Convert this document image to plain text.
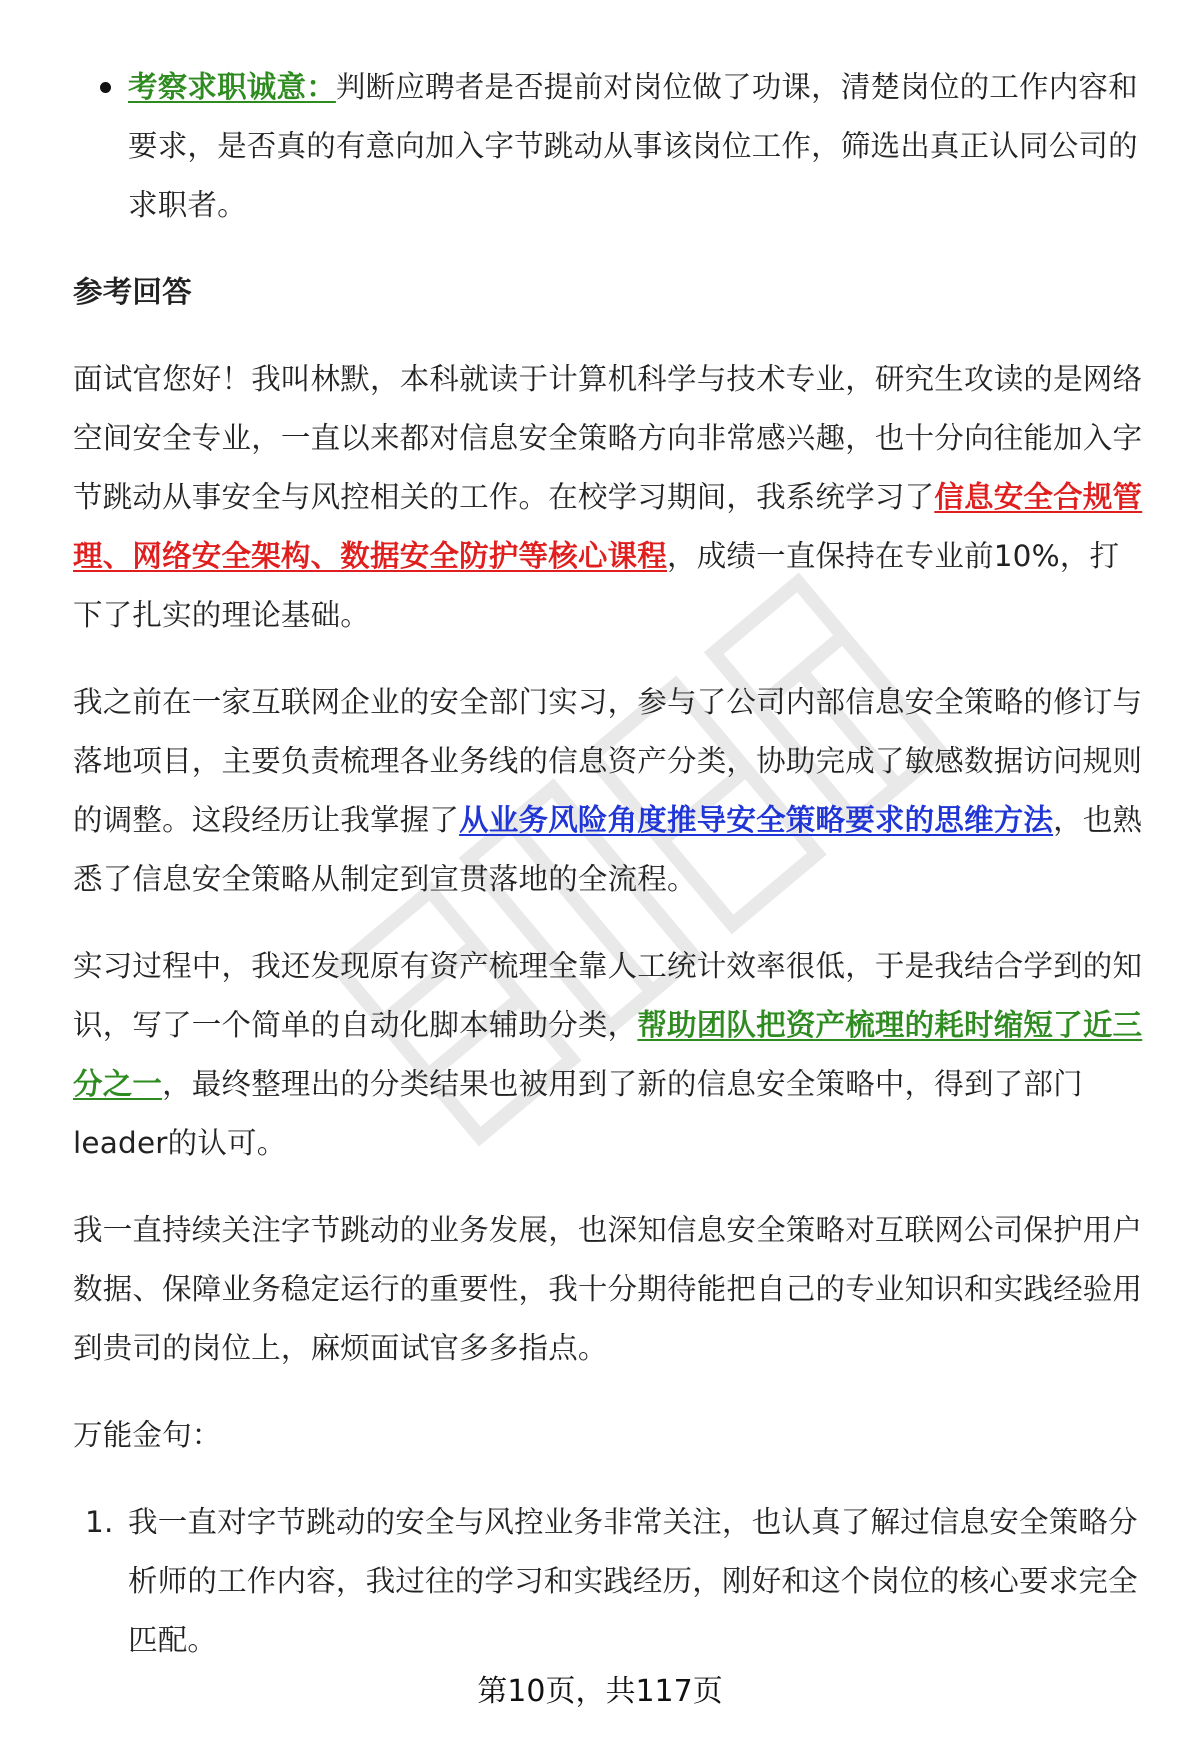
考察求职诚意：判断应聘者是否提前对岗位做了功课，清楚岗位的工作内容和要求，是否真的有意向加入字节跳动从事该岗位工作，筛选出真正认同公司的求职者。
参考回答

面试官您好！我叫林默，本科就读于计算机科学与技术专业，研究生攻读的是网络空间安全专业，一直以来都对信息安全策略方向非常感兴趣，也十分向往能加入字节跳动从事安全与风控相关的工作。在校学习期间，我系统学习了信息安全合规管理、网络安全架构、数据安全防护等核心课程，成绩一直保持在专业前10%，打下了扎实的理论基础。

我之前在一家互联网企业的安全部门实习，参与了公司内部信息安全策略的修订与落地项目，主要负责梳理各业务线的信息资产分类，协助完成了敏感数据访问规则的调整。这段经历让我掌握了从业务风险角度推导安全策略要求的思维方法，也熟悉了信息安全策略从制定到宣贯落地的全流程。

实习过程中，我还发现原有资产梳理全靠人工统计效率很低，于是我结合学到的知识，写了一个简单的自动化脚本辅助分类，帮助团队把资产梳理的耗时缩短了近三分之一，最终整理出的分类结果也被用到了新的信息安全策略中，得到了部门leader的认可。

我一直持续关注字节跳动的业务发展，也深知信息安全策略对互联网公司保护用户数据、保障业务稳定运行的重要性，我十分期待能把自己的专业知识和实践经验用到贵司的岗位上，麻烦面试官多多指点。

万能金句：

1. 我一直对字节跳动的安全与风控业务非常关注，也认真了解过信息安全策略分析师的工作内容，我过往的学习和实践经历，刚好和这个岗位的核心要求完全匹配。
第10页，共117页
